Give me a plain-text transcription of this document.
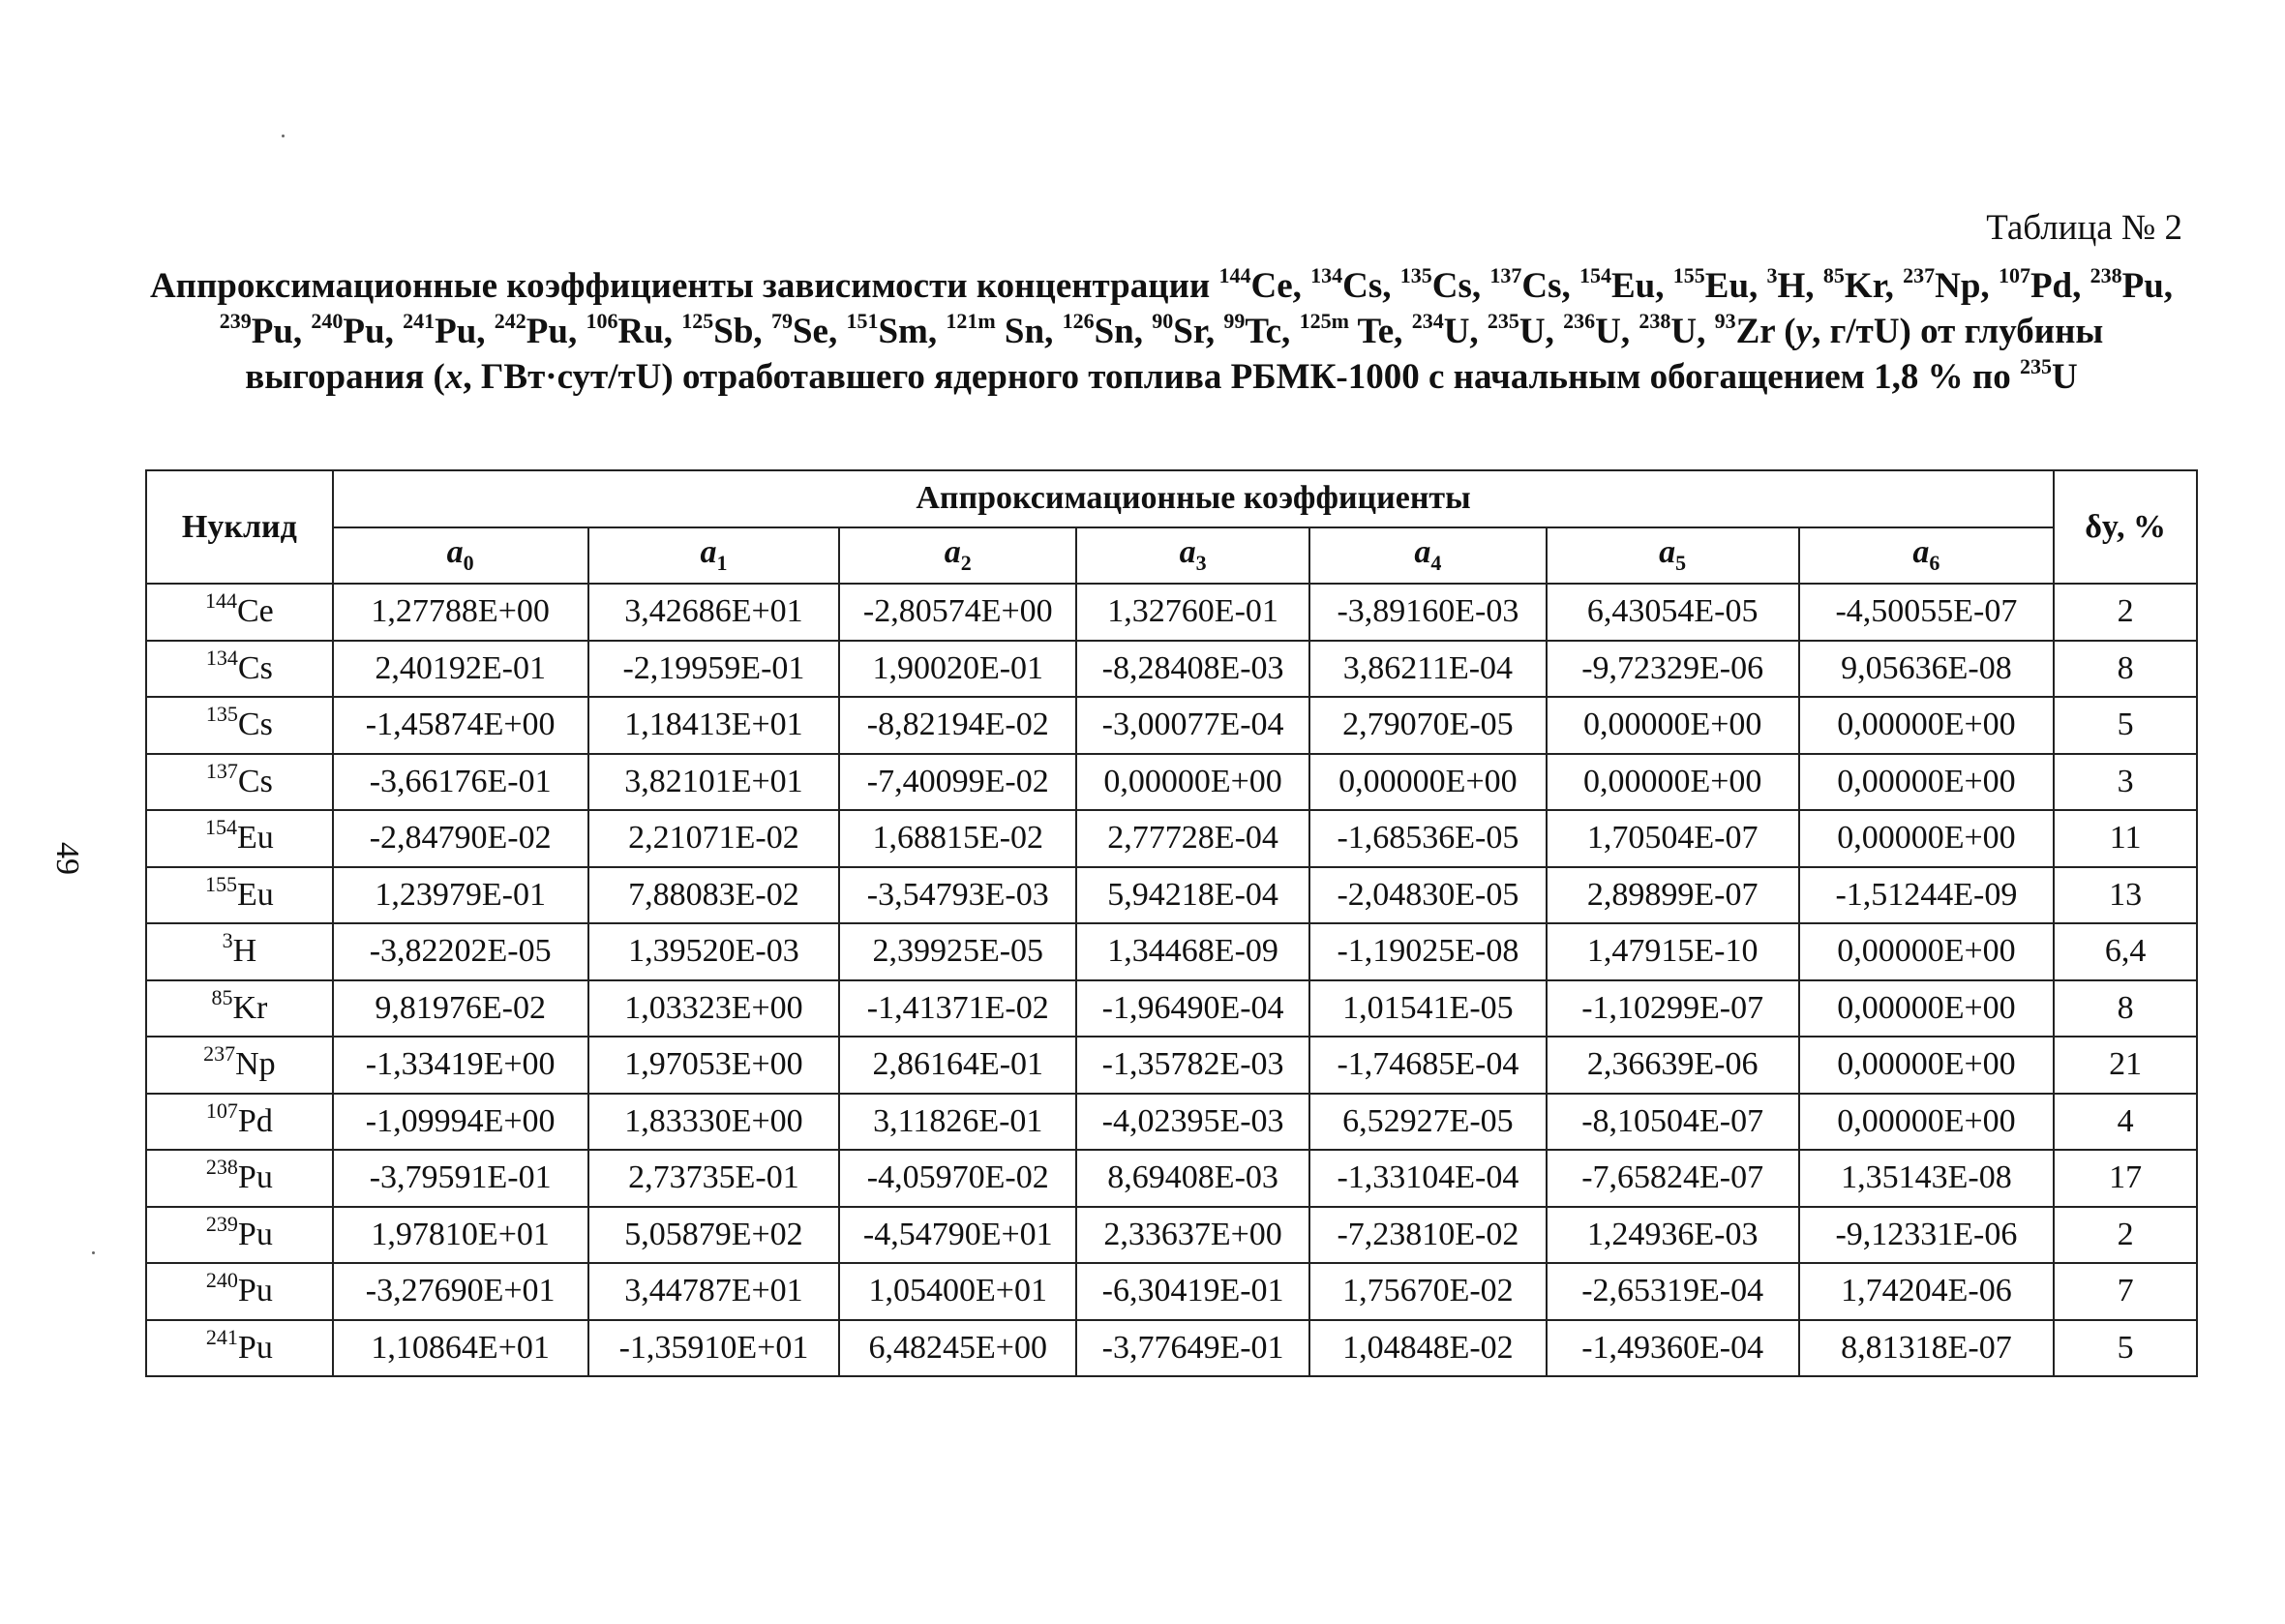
Таблица № 2
Аппроксимационные коэффициенты зависимости концентрации $^{144}$Ce, $^{134}$Cs, $^{135}$Cs, $^{137}$Cs, $^{154}$Eu, $^{155}$Eu, $^3$H, $^{85}$Kr, $^{237}$Np, $^{107}$Pd, $^{238}$Pu, $^{239}$Pu, $^{240}$Pu, $^{241}$Pu, $^{242}$Pu, $^{106}$Ru, $^{125}$Sb, $^{79}$Se, $^{151}$Sm, $^{121m}$ Sn, $^{126}$Sn, $^{90}$Sr, $^{99}$Tc, $^{125m}$ Te, $^{234}$U, $^{235}$U, $^{236}$U, $^{238}$U, $^{93}$Zr (y, г/тU) от глубины выгорания (x, ГВт·сут/тU) отработавшего ядерного топлива РБМК-1000 с начальным обогащением 1,8 % по $^{235}$U
49
Нуклид	Аппроксимационные коэффициенты							δy, %
	$a_0$	$a_1$	$a_2$	$a_3$	$a_4$	$a_5$	$a_6$
$^{144}$Ce	1,27788E+00	3,42686E+01	-2,80574E+00	1,32760E-01	-3,89160E-03	6,43054E-05	-4,50055E-07	2
$^{134}$Cs	2,40192E-01	-2,19959E-01	1,90020E-01	-8,28408E-03	3,86211E-04	-9,72329E-06	9,05636E-08	8
$^{135}$Cs	-1,45874E+00	1,18413E+01	-8,82194E-02	-3,00077E-04	2,79070E-05	0,00000E+00	0,00000E+00	5
$^{137}$Cs	-3,66176E-01	3,82101E+01	-7,40099E-02	0,00000E+00	0,00000E+00	0,00000E+00	0,00000E+00	3
$^{154}$Eu	-2,84790E-02	2,21071E-02	1,68815E-02	2,77728E-04	-1,68536E-05	1,70504E-07	0,00000E+00	11
$^{155}$Eu	1,23979E-01	7,88083E-02	-3,54793E-03	5,94218E-04	-2,04830E-05	2,89899E-07	-1,51244E-09	13
$^3$H	-3,82202E-05	1,39520E-03	2,39925E-05	1,34468E-09	-1,19025E-08	1,47915E-10	0,00000E+00	6,4
$^{85}$Kr	9,81976E-02	1,03323E+00	-1,41371E-02	-1,96490E-04	1,01541E-05	-1,10299E-07	0,00000E+00	8
$^{237}$Np	-1,33419E+00	1,97053E+00	2,86164E-01	-1,35782E-03	-1,74685E-04	2,36639E-06	0,00000E+00	21
$^{107}$Pd	-1,09994E+00	1,83330E+00	3,11826E-01	-4,02395E-03	6,52927E-05	-8,10504E-07	0,00000E+00	4
$^{238}$Pu	-3,79591E-01	2,73735E-01	-4,05970E-02	8,69408E-03	-1,33104E-04	-7,65824E-07	1,35143E-08	17
$^{239}$Pu	1,97810E+01	5,05879E+02	-4,54790E+01	2,33637E+00	-7,23810E-02	1,24936E-03	-9,12331E-06	2
$^{240}$Pu	-3,27690E+01	3,44787E+01	1,05400E+01	-6,30419E-01	1,75670E-02	-2,65319E-04	1,74204E-06	7
$^{241}$Pu	1,10864E+01	-1,35910E+01	6,48245E+00	-3,77649E-01	1,04848E-02	-1,49360E-04	8,81318E-07	5
